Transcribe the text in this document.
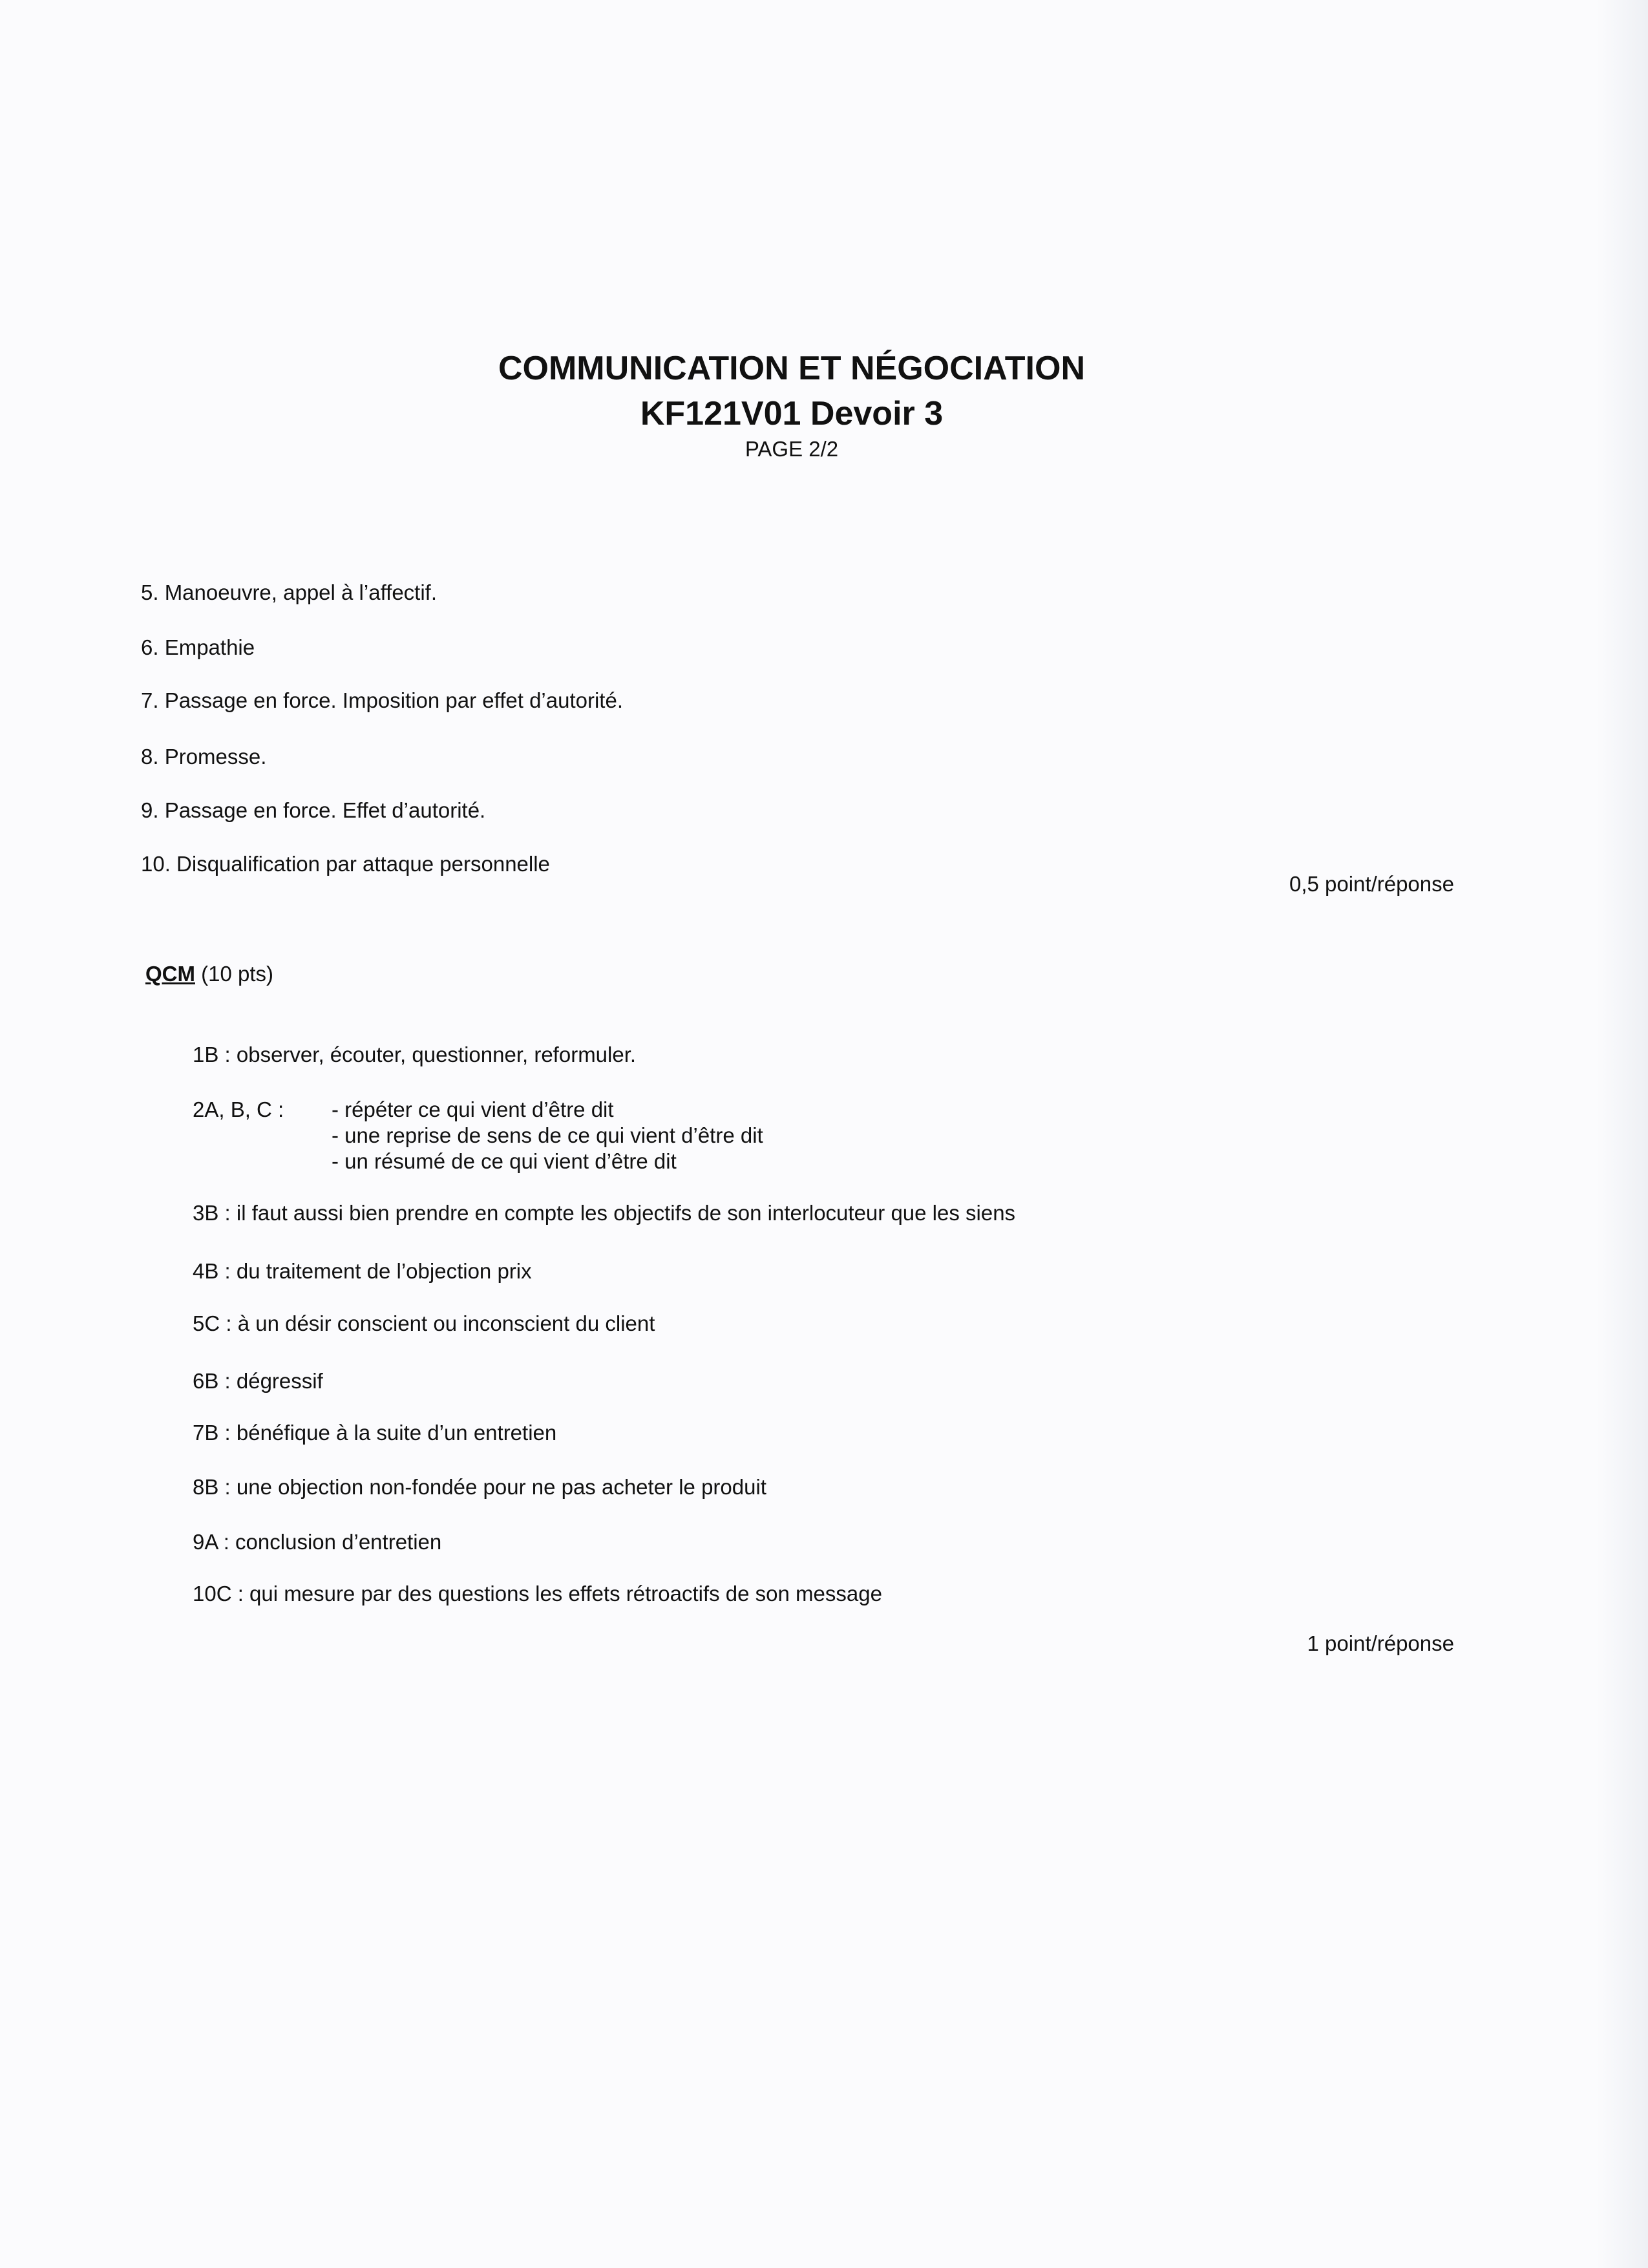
COMMUNICATION ET NÉGOCIATION
KF121V01 Devoir 3
PAGE 2/2
5. Manoeuvre, appel à l’affectif.
6. Empathie
7. Passage en force. Imposition par effet d’autorité.
8. Promesse.
9. Passage en force. Effet d’autorité.
10. Disqualification par attaque personnelle
0,5 point/réponse
QCM (10 pts)
1B : observer, écouter, questionner, reformuler.
2A, B, C : - répéter ce qui vient d’être dit
- une reprise de sens de ce qui vient d’être dit
- un résumé de ce qui vient d’être dit
3B : il faut aussi bien prendre en compte les objectifs de son interlocuteur que les siens
4B : du traitement de l’objection prix
5C : à un désir conscient ou inconscient du client
6B : dégressif
7B : bénéfique à la suite d’un entretien
8B : une objection non-fondée pour ne pas acheter le produit
9A : conclusion d’entretien
10C : qui mesure par des questions les effets rétroactifs de son message
1 point/réponse
